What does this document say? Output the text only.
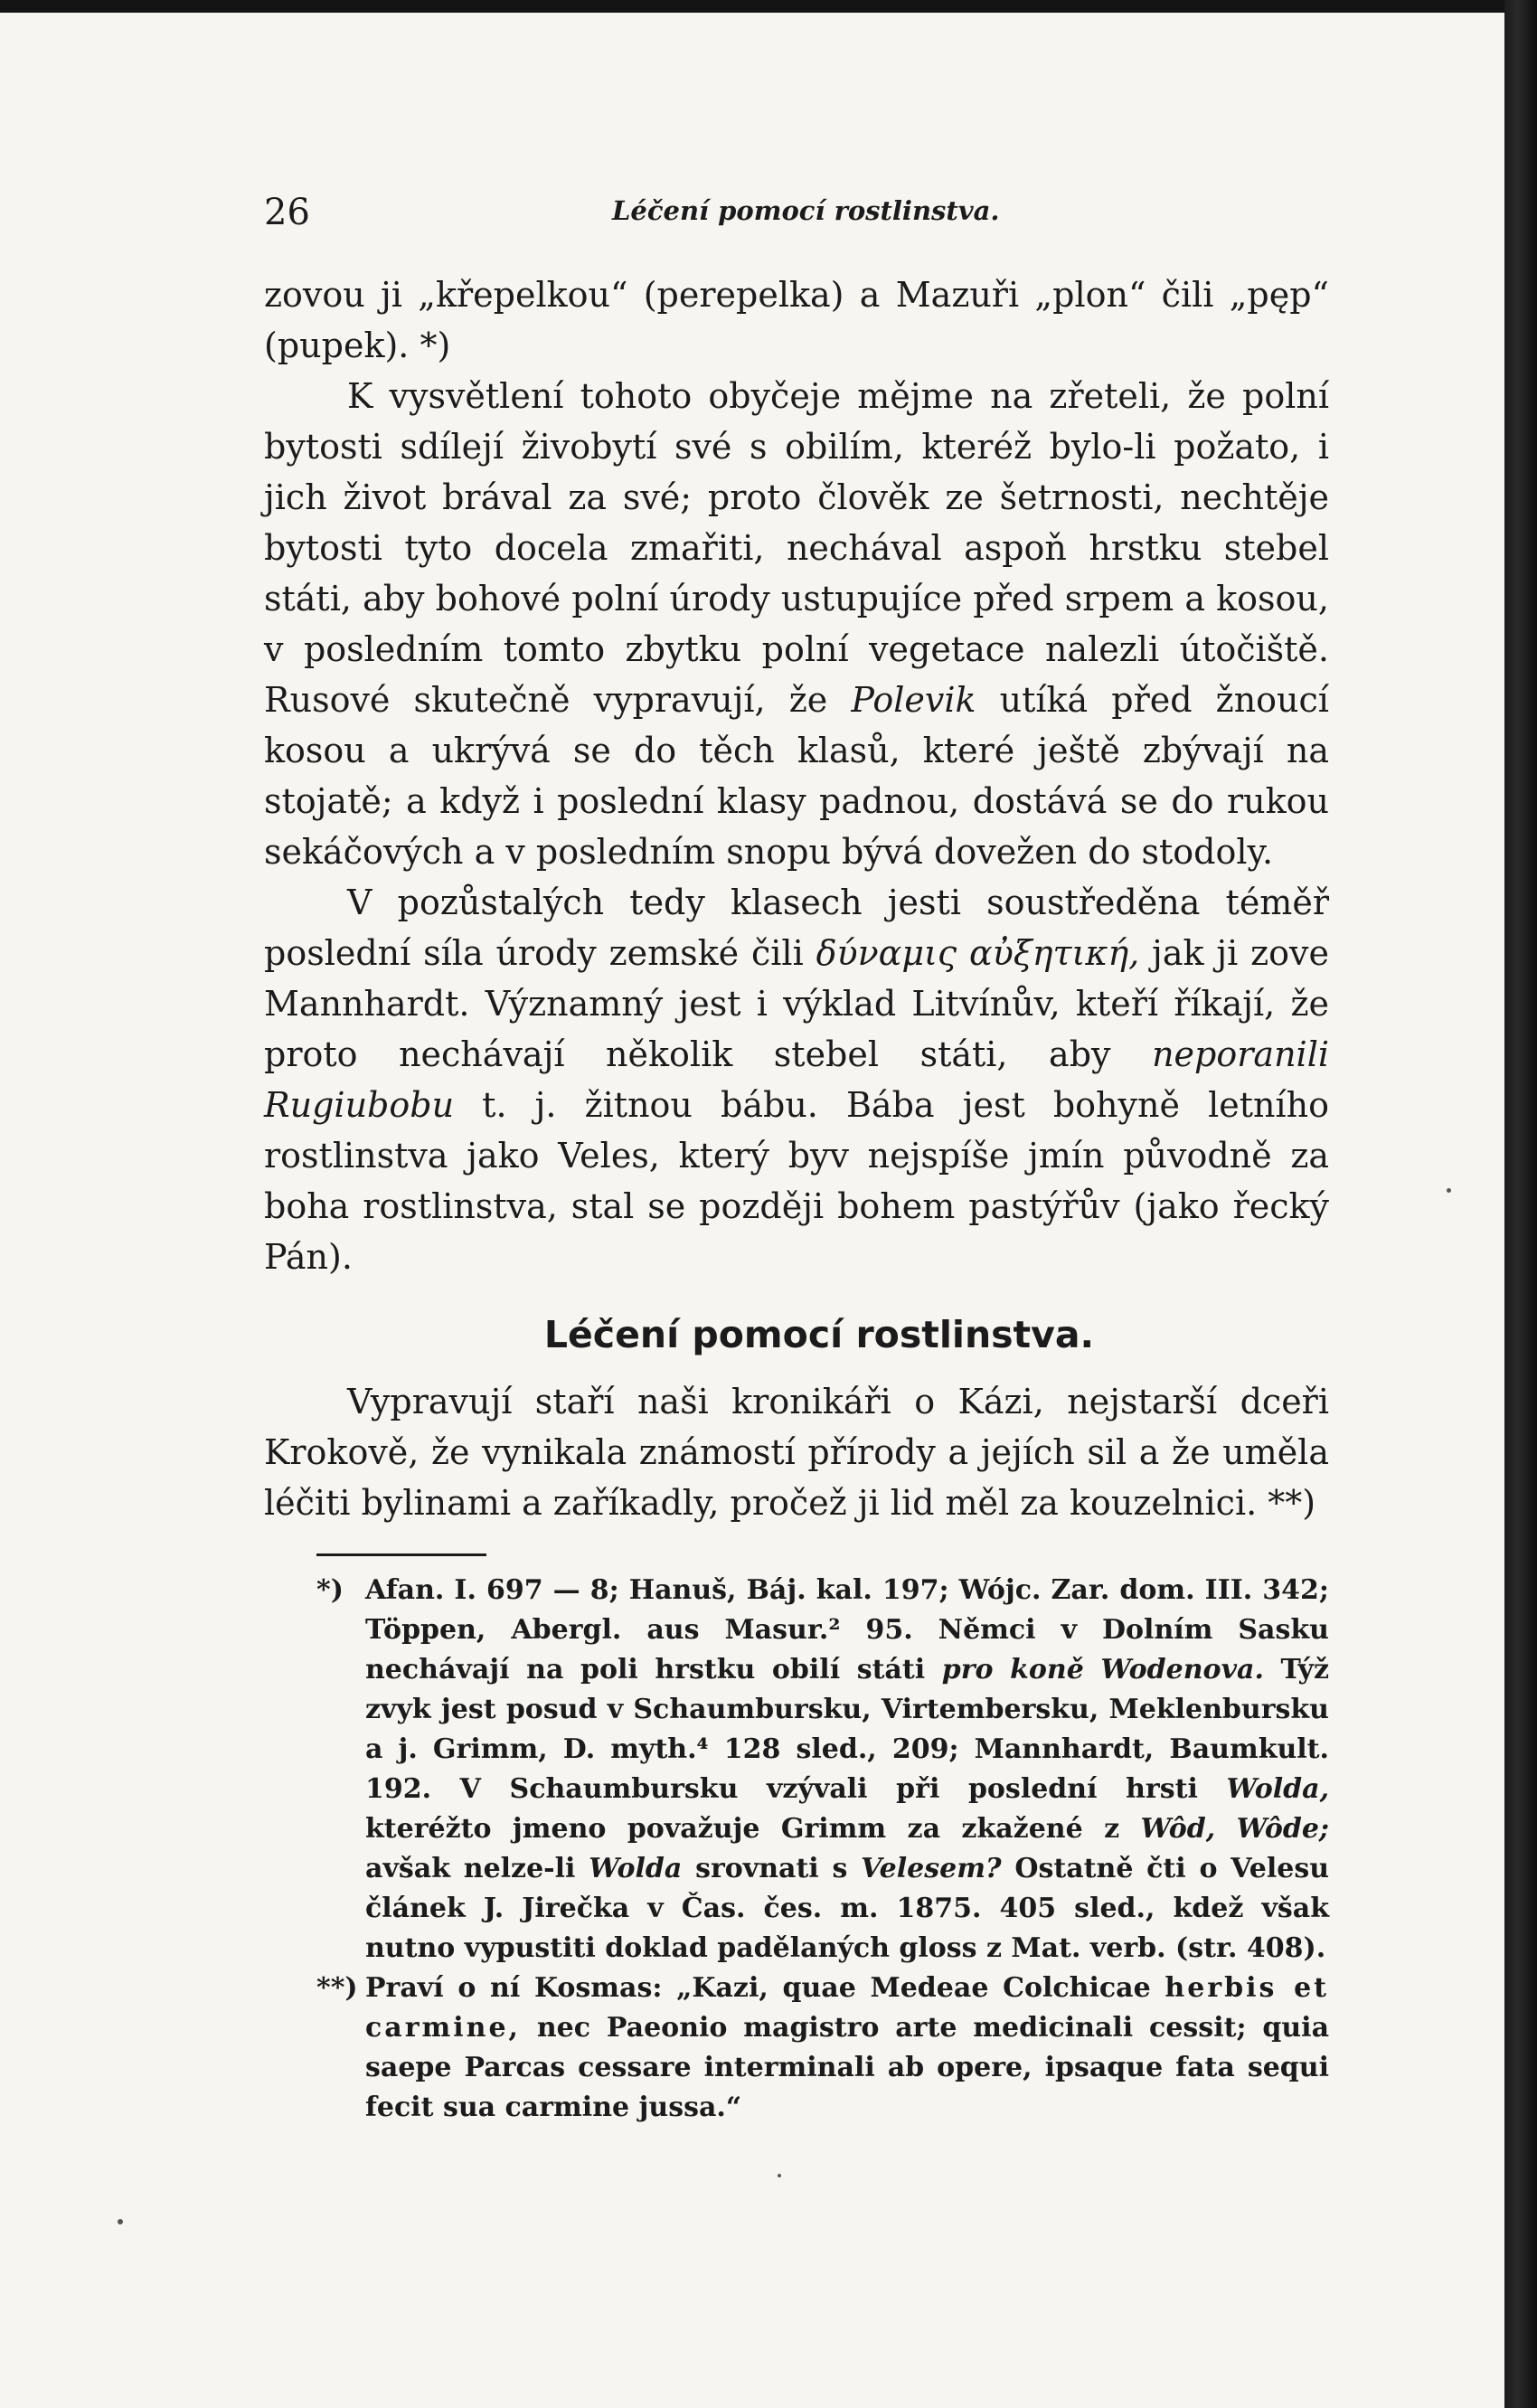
26	Léčení pomocí rostlinstva.

zovou ji „křepelkou“ (perepelka) a Mazuři „plon“ čili „pęp“ (pupek). *)

K vysvětlení tohoto obyčeje mějme na zřeteli, že polní bytosti sdílejí živobytí své s obilím, kteréž bylo-li požato, i jich život brával za své; proto člověk ze šetrnosti, nechtěje bytosti tyto docela zmařiti, nechával aspoň hrstku stebel státi, aby bohové polní úrody ustupujíce před srpem a kosou, v posledním tomto zbytku polní vegetace nalezli útočiště. Rusové skutečně vypravují, že Polevik utíká před žnoucí kosou a ukrývá se do těch klasů, které ještě zbývají na stojatě; a když i poslední klasy padnou, dostává se do rukou sekáčových a v posledním snopu bývá dovežen do stodoly.

V pozůstalých tedy klasech jesti soustředěna téměř poslední síla úrody zemské čili δύναμις αὐξητική, jak ji zove Mannhardt. Významný jest i výklad Litvínův, kteří říkají, že proto nechávají několik stebel státi, aby neporanili Rugiubobu t. j. žitnou bábu. Bába jest bohyně letního rostlinstva jako Veles, který byv nejspíše jmín původně za boha rostlinstva, stal se později bohem pastýřův (jako řecký Pán).

Léčení pomocí rostlinstva.

Vypravují staří naši kronikáři o Kázi, nejstarší dceři Krokově, že vynikala známostí přírody a jejích sil a že uměla léčiti bylinami a zaříkadly, pročež ji lid měl za kouzelnici. **)

*) Afan. I. 697 — 8; Hanuš, Báj. kal. 197; Wójc. Zar. dom. III. 342; Töppen, Abergl. aus Masur.² 95. Němci v Dolním Sasku nechávají na poli hrstku obilí státi pro koně Wodenova. Týž zvyk jest posud v Schaumbursku, Virtembersku, Meklenbursku a j. Grimm, D. myth.⁴ 128 sled., 209; Mannhardt, Baumkult. 192. V Schaumbursku vzývali při poslední hrsti Wolda, kteréžto jmeno považuje Grimm za zkažené z Wôd, Wôde; avšak nelze-li Wolda srovnati s Velesem? Ostatně čti o Velesu článek J. Jirečka v Čas. čes. m. 1875. 405 sled., kdež však nutno vypustiti doklad padělaných gloss z Mat. verb. (str. 408).
**) Praví o ní Kosmas: „Kazi, quae Medeae Colchicae herbis et carmine, nec Paeonio magistro arte medicinali cessit; quia saepe Parcas cessare interminali ab opere, ipsaque fata sequi fecit sua carmine jussa.“
